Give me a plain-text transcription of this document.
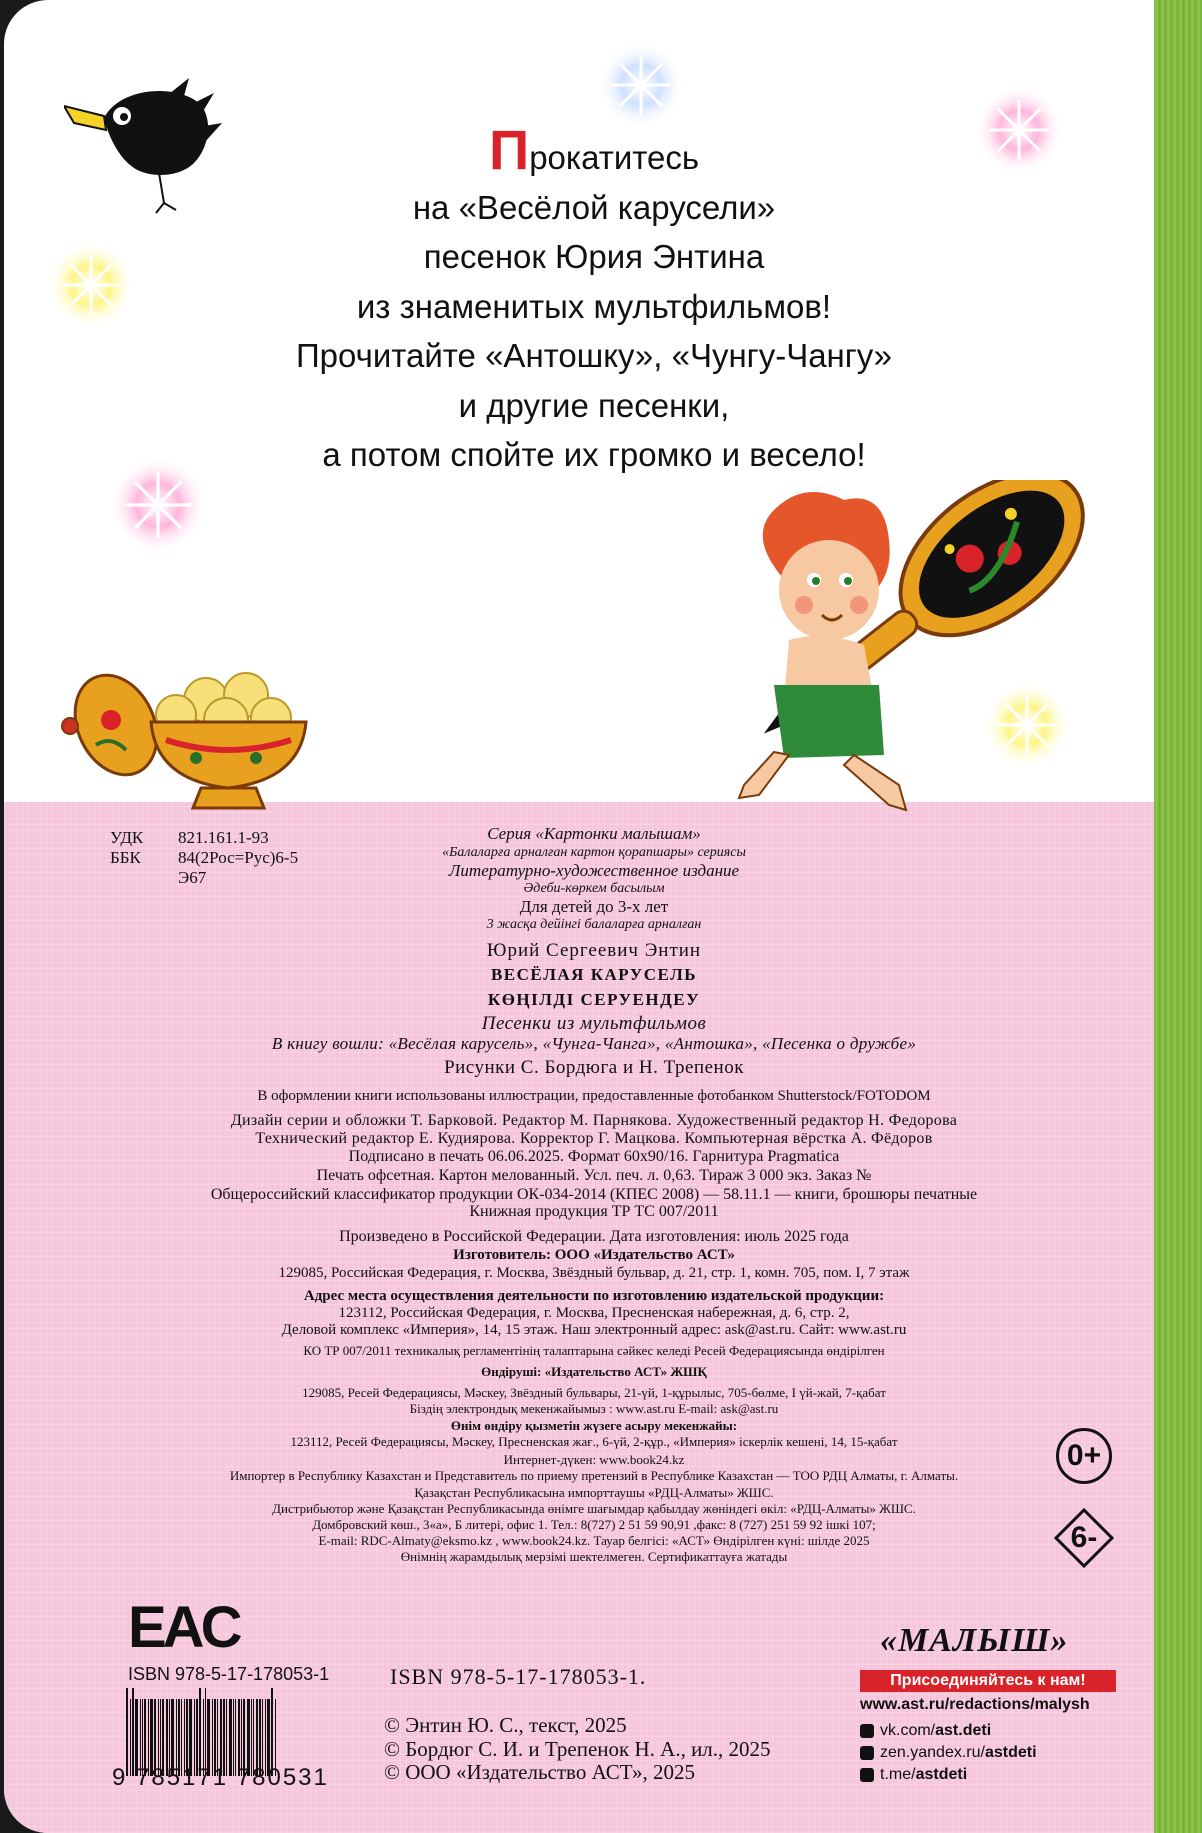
Прокатитесь
на «Весёлой карусели»
песенок Юрия Энтина
из знаменитых мультфильмов!
Прочитайте «Антошку», «Чунгу-Чангу»
и другие песенки,
а потом спойте их громко и весело!
УДК 821.161.1-93
ББК 84(2Рос=Рус)6-5
Э67
Серия «Картонки малышам»
«Балаларға арналған картон қорапшары» сериясы
Литературно-художественное издание
Әдеби-көркем басылым
Для детей до 3-х лет
3 жасқа дейінгі балаларға арналған
Юрий Сергеевич Энтин
ВЕСЁЛАЯ КАРУСЕЛЬ
КӨҢІЛДІ СЕРУЕНДЕУ
Песенки из мультфильмов
В книгу вошли: «Весёлая карусель», «Чунга-Чанга», «Антошка», «Песенка о дружбе»
Рисунки С. Бордюга и Н. Трепенок
В оформлении книги использованы иллюстрации, предоставленные фотобанком Shutterstock/FOTODOM
Дизайн серии и обложки Т. Барковой. Редактор М. Парнякова. Художественный редактор Н. Федорова
Технический редактор Е. Кудиярова. Корректор Г. Мацкова. Компьютерная вёрстка А. Фёдоров
Подписано в печать 06.06.2025. Формат 60x90/16. Гарнитура Pragmatica
Печать офсетная. Картон мелованный. Усл. печ. л. 0,63. Тираж 3 000 экз. Заказ №
Общероссийский классификатор продукции ОК-034-2014 (КПЕС 2008) — 58.11.1 — книги, брошюры печатные
Книжная продукция ТР ТС 007/2011
Произведено в Российской Федерации. Дата изготовления: июль 2025 года
Изготовитель: ООО «Издательство АСТ»
129085, Российская Федерация, г. Москва, Звёздный бульвар, д. 21, стр. 1, комн. 705, пом. I, 7 этаж
Адрес места осуществления деятельности по изготовлению издательской продукции:
123112, Российская Федерация, г. Москва, Пресненская набережная, д. 6, стр. 2,
Деловой комплекс «Империя», 14, 15 этаж. Наш электронный адрес: ask@ast.ru. Сайт: www.ast.ru
КО ТР 007/2011 техникалық регламентінің талаптарына сәйкес келеді Ресей Федерациясында өндірілген
Өндіруші: «Издательство АСТ» ЖШҚ
129085, Ресей Федерациясы, Мәскеу, Звёздный бульвары, 21-үй, 1-құрылыс, 705-бөлме, I үй-жай, 7-қабат
Біздің электрондық мекенжайымыз : www.ast.ru E-mail: ask@ast.ru
Өнім өндіру қызметін жүзеге асыру мекенжайы:
123112, Ресей Федерациясы, Мәскеу, Пресненская жағ., 6-үй, 2-құр., «Империя» іскерлік кешені, 14, 15-қабат
Интернет-дүкен: www.book24.kz
Импортер в Республику Казахстан и Представитель по приему претензий в Республике Казахстан — ТОО РДЦ Алматы, г. Алматы.
Қазақстан Республикасына импорттаушы «РДЦ-Алматы» ЖШС.
Дистрибьютор және Қазақстан Республикасында өнімге шағымдар қабылдау жөніндегі өкіл: «РДЦ-Алматы» ЖШС.
Домбровский көш., 3«а», Б литері, офис 1. Тел.: 8(727) 2 51 59 90,91 ,факс: 8 (727) 251 59 92 ішкі 107;
E-mail: RDC-Almaty@eksmo.kz , www.book24.kz. Тауар белгісі: «АСТ» Өндірілген күні: шілде 2025
Өнімнің жарамдылық мерзімі шектелмеген. Сертификаттауға жатады
0+
6-
EAC
ISBN 978-5-17-178053-1
9 785171 780531
ISBN 978-5-17-178053-1.
© Энтин Ю. С., текст, 2025
© Бордюг С. И. и Трепенок Н. А., ил., 2025
© ООО «Издательство АСТ», 2025
«МАЛЫШ»
Присоединяйтесь к нам!
www.ast.ru/redactions/malysh
vk.com/ast.deti
zen.yandex.ru/astdeti
t.me/astdeti
